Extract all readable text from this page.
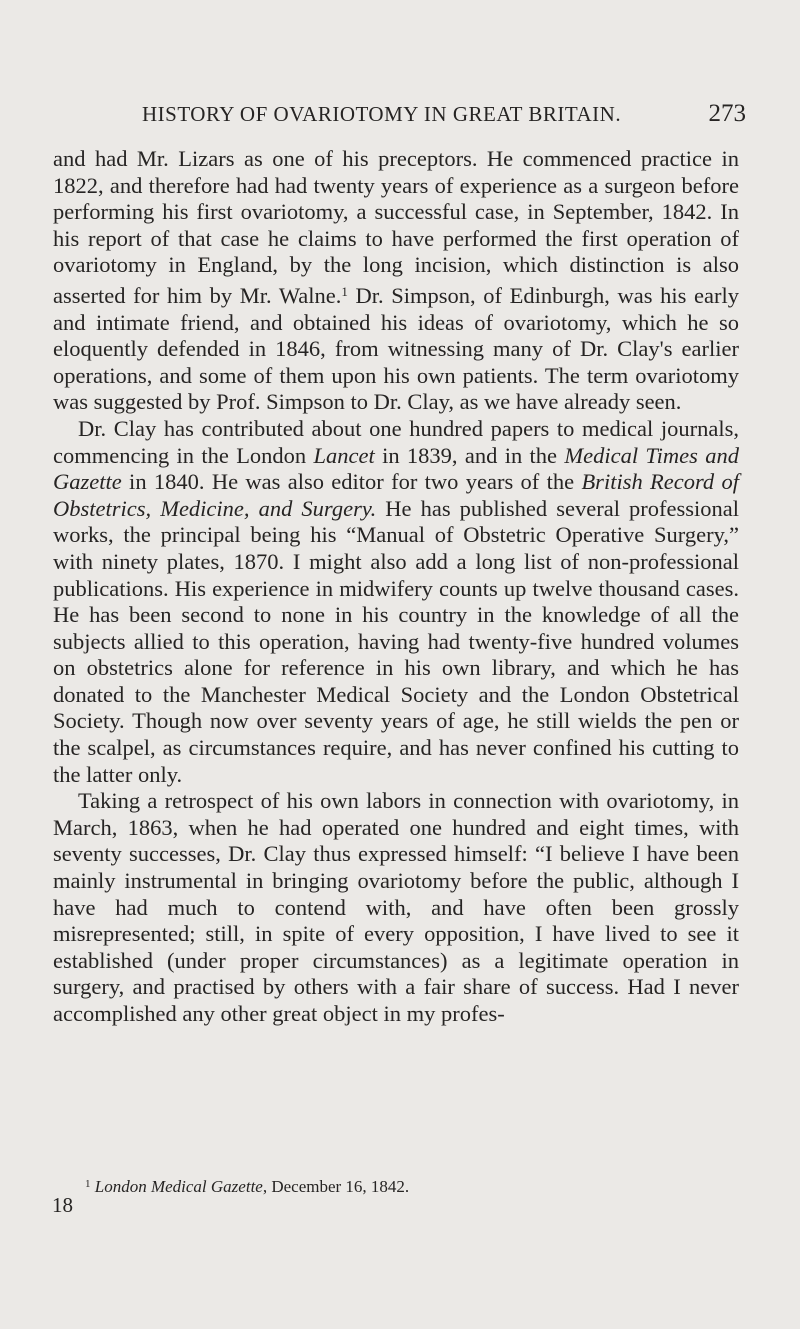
HISTORY OF OVARIOTOMY IN GREAT BRITAIN.	273

and had Mr. Lizars as one of his preceptors. He commenced practice in 1822, and therefore had had twenty years of experience as a surgeon before performing his first ovariotomy, a successful case, in September, 1842. In his report of that case he claims to have performed the first operation of ovariotomy in England, by the long incision, which distinction is also asserted for him by Mr. Walne.$^1$ Dr. Simpson, of Edinburgh, was his early and intimate friend, and obtained his ideas of ovariotomy, which he so eloquently defended in 1846, from witnessing many of Dr. Clay's earlier operations, and some of them upon his own patients. The term ovariotomy was suggested by Prof. Simpson to Dr. Clay, as we have already seen.

Dr. Clay has contributed about one hundred papers to medical journals, commencing in the London Lancet in 1839, and in the Medical Times and Gazette in 1840. He was also editor for two years of the British Record of Obstetrics, Medicine, and Surgery. He has published several professional works, the principal being his “Manual of Obstetric Operative Surgery,” with ninety plates, 1870. I might also add a long list of non-professional publications. His experience in midwifery counts up twelve thousand cases. He has been second to none in his country in the knowledge of all the subjects allied to this operation, having had twenty-five hundred volumes on obstetrics alone for reference in his own library, and which he has donated to the Manchester Medical Society and the London Obstetrical Society. Though now over seventy years of age, he still wields the pen or the scalpel, as circumstances require, and has never confined his cutting to the latter only.

Taking a retrospect of his own labors in connection with ovariotomy, in March, 1863, when he had operated one hundred and eight times, with seventy successes, Dr. Clay thus expressed himself: “I believe I have been mainly instrumental in bringing ovariotomy before the public, although I have had much to contend with, and have often been grossly misrepresented; still, in spite of every opposition, I have lived to see it established (under proper circumstances) as a legitimate operation in surgery, and practised by others with a fair share of success. Had I never accomplished any other great object in my profes-

$^1$ London Medical Gazette, December 16, 1842.
18
